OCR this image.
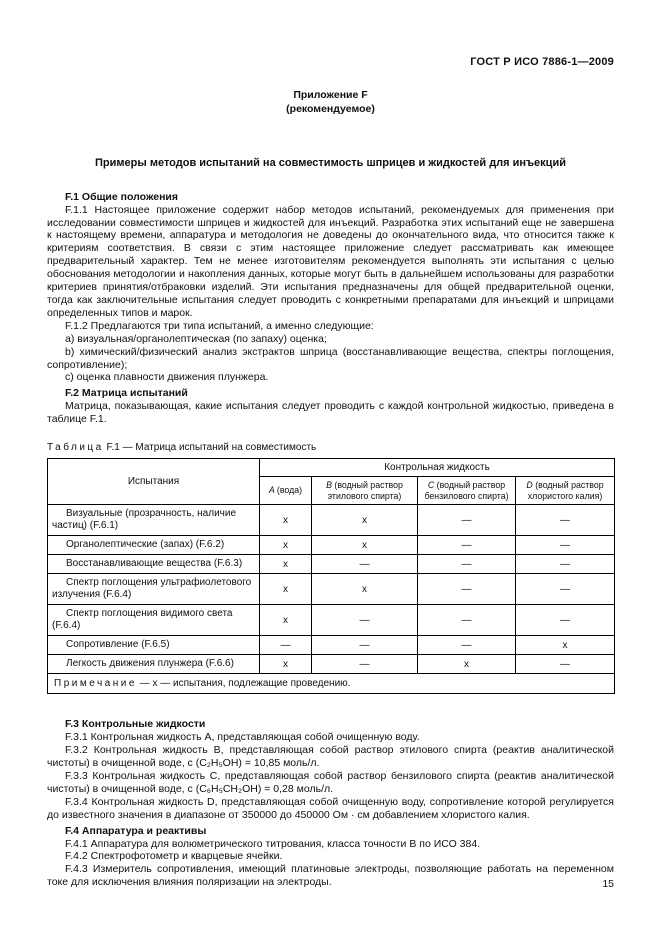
ГОСТ Р ИСО 7886-1—2009
Приложение F
(рекомендуемое)
Примеры методов испытаний на совместимость шприцев и жидкостей для инъекций

F.1 Общие положения

F.1.1 Настоящее приложение содержит набор методов испытаний, рекомендуемых для применения при исследовании совместимости шприцев и жидкостей для инъекций. Разработка этих испытаний еще не завершена к настоящему времени, аппаратура и методология не доведены до окончательного вида, что относится также к критериям соответствия. В связи с этим настоящее приложение следует рассматривать как имеющее предварительный характер. Тем не менее изготовителям рекомендуется выполнять эти испытания с целью обоснования методологии и накопления данных, которые могут быть в дальнейшем использованы для разработки критериев принятия/отбраковки изделий. Эти испытания предназначены для общей предварительной оценки, тогда как заключительные испытания следует проводить с конкретными препаратами для инъекций и шприцами определенных типов и марок.

F.1.2 Предлагаются три типа испытаний, а именно следующие:

a) визуальная/органолептическая (по запаху) оценка;

b) химический/физический анализ экстрактов шприца (восстанавливающие вещества, спектры поглощения, сопротивление);

c) оценка плавности движения плунжера.

F.2 Матрица испытаний

Матрица, показывающая, какие испытания следует проводить с каждой контрольной жидкостью, приведена в таблице F.1.

Таблица F.1 — Матрица испытаний на совместимость
Испытания	Контрольная жидкость			
	A (вода)	B (водный раствор этилового спирта)	C (водный раствор бензилового спирта)	D (водный раствор хлористого калия)
Визуальные (прозрачность, наличие частиц) (F.6.1)	x	x	—	—
Органолептические (запах) (F.6.2)	x	x	—	—
Восстанавливающие вещества (F.6.3)	x	—	—	—
Спектр поглощения ультрафиолетового излучения (F.6.4)	x	x	—	—
Спектр поглощения видимого света (F.6.4)	x	—	—	—
Сопротивление (F.6.5)	—	—	—	x
Легкость движения плунжера (F.6.6)	x	—	x	—
Примечание — x — испытания, подлежащие проведению.				

F.3 Контрольные жидкости

F.3.1 Контрольная жидкость A, представляющая собой очищенную воду.

F.3.2 Контрольная жидкость B, представляющая собой раствор этилового спирта (реактив аналитической чистоты) в очищенной воде, с (C₂H₅OH) = 10,85 моль/л.

F.3.3 Контрольная жидкость C, представляющая собой раствор бензилового спирта (реактив аналитической чистоты) в очищенной воде, с (C₆H₅CH₂OH) = 0,28 моль/л.

F.3.4 Контрольная жидкость D, представляющая собой очищенную воду, сопротивление которой регулируется до известного значения в диапазоне от 350000 до 450000 Ом · см добавлением хлористого калия.

F.4 Аппаратура и реактивы

F.4.1 Аппаратура для волюметрического титрования, класса точности B по ИСО 384.

F.4.2 Спектрофотометр и кварцевые ячейки.

F.4.3 Измеритель сопротивления, имеющий платиновые электроды, позволяющие работать на переменном токе для исключения влияния поляризации на электроды.	15
